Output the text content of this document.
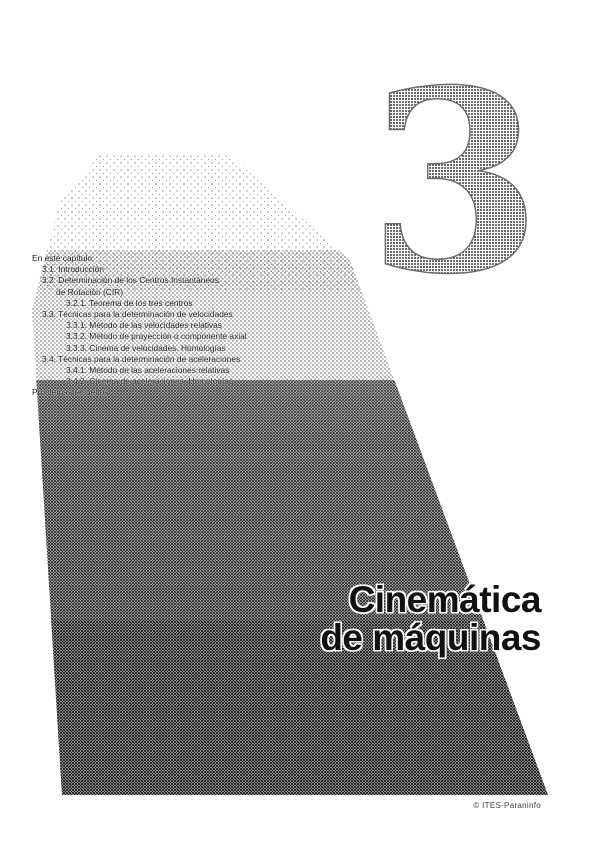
3
En este capítulo:
3.1. Introducción
3.2. Determinación de los Centros Instantáneos
de Rotación (CIR)
3.2.1. Teorema de los tres centros
3.3. Técnicas para la determinación de velocidades
3.3.1. Método de las velocidades relativas
3.3.2. Método de proyección o componente axial
3.3.3. Cinema de velocidades. Homologías
3.4. Técnicas para la determinación de aceleraciones
3.4.1. Método de las aceleraciones relativas
3.4.2. Cinema de aceleraciones. Homologías
Problemas resueltos
Cinemática
de máquinas
© ITES-Paraninfo
